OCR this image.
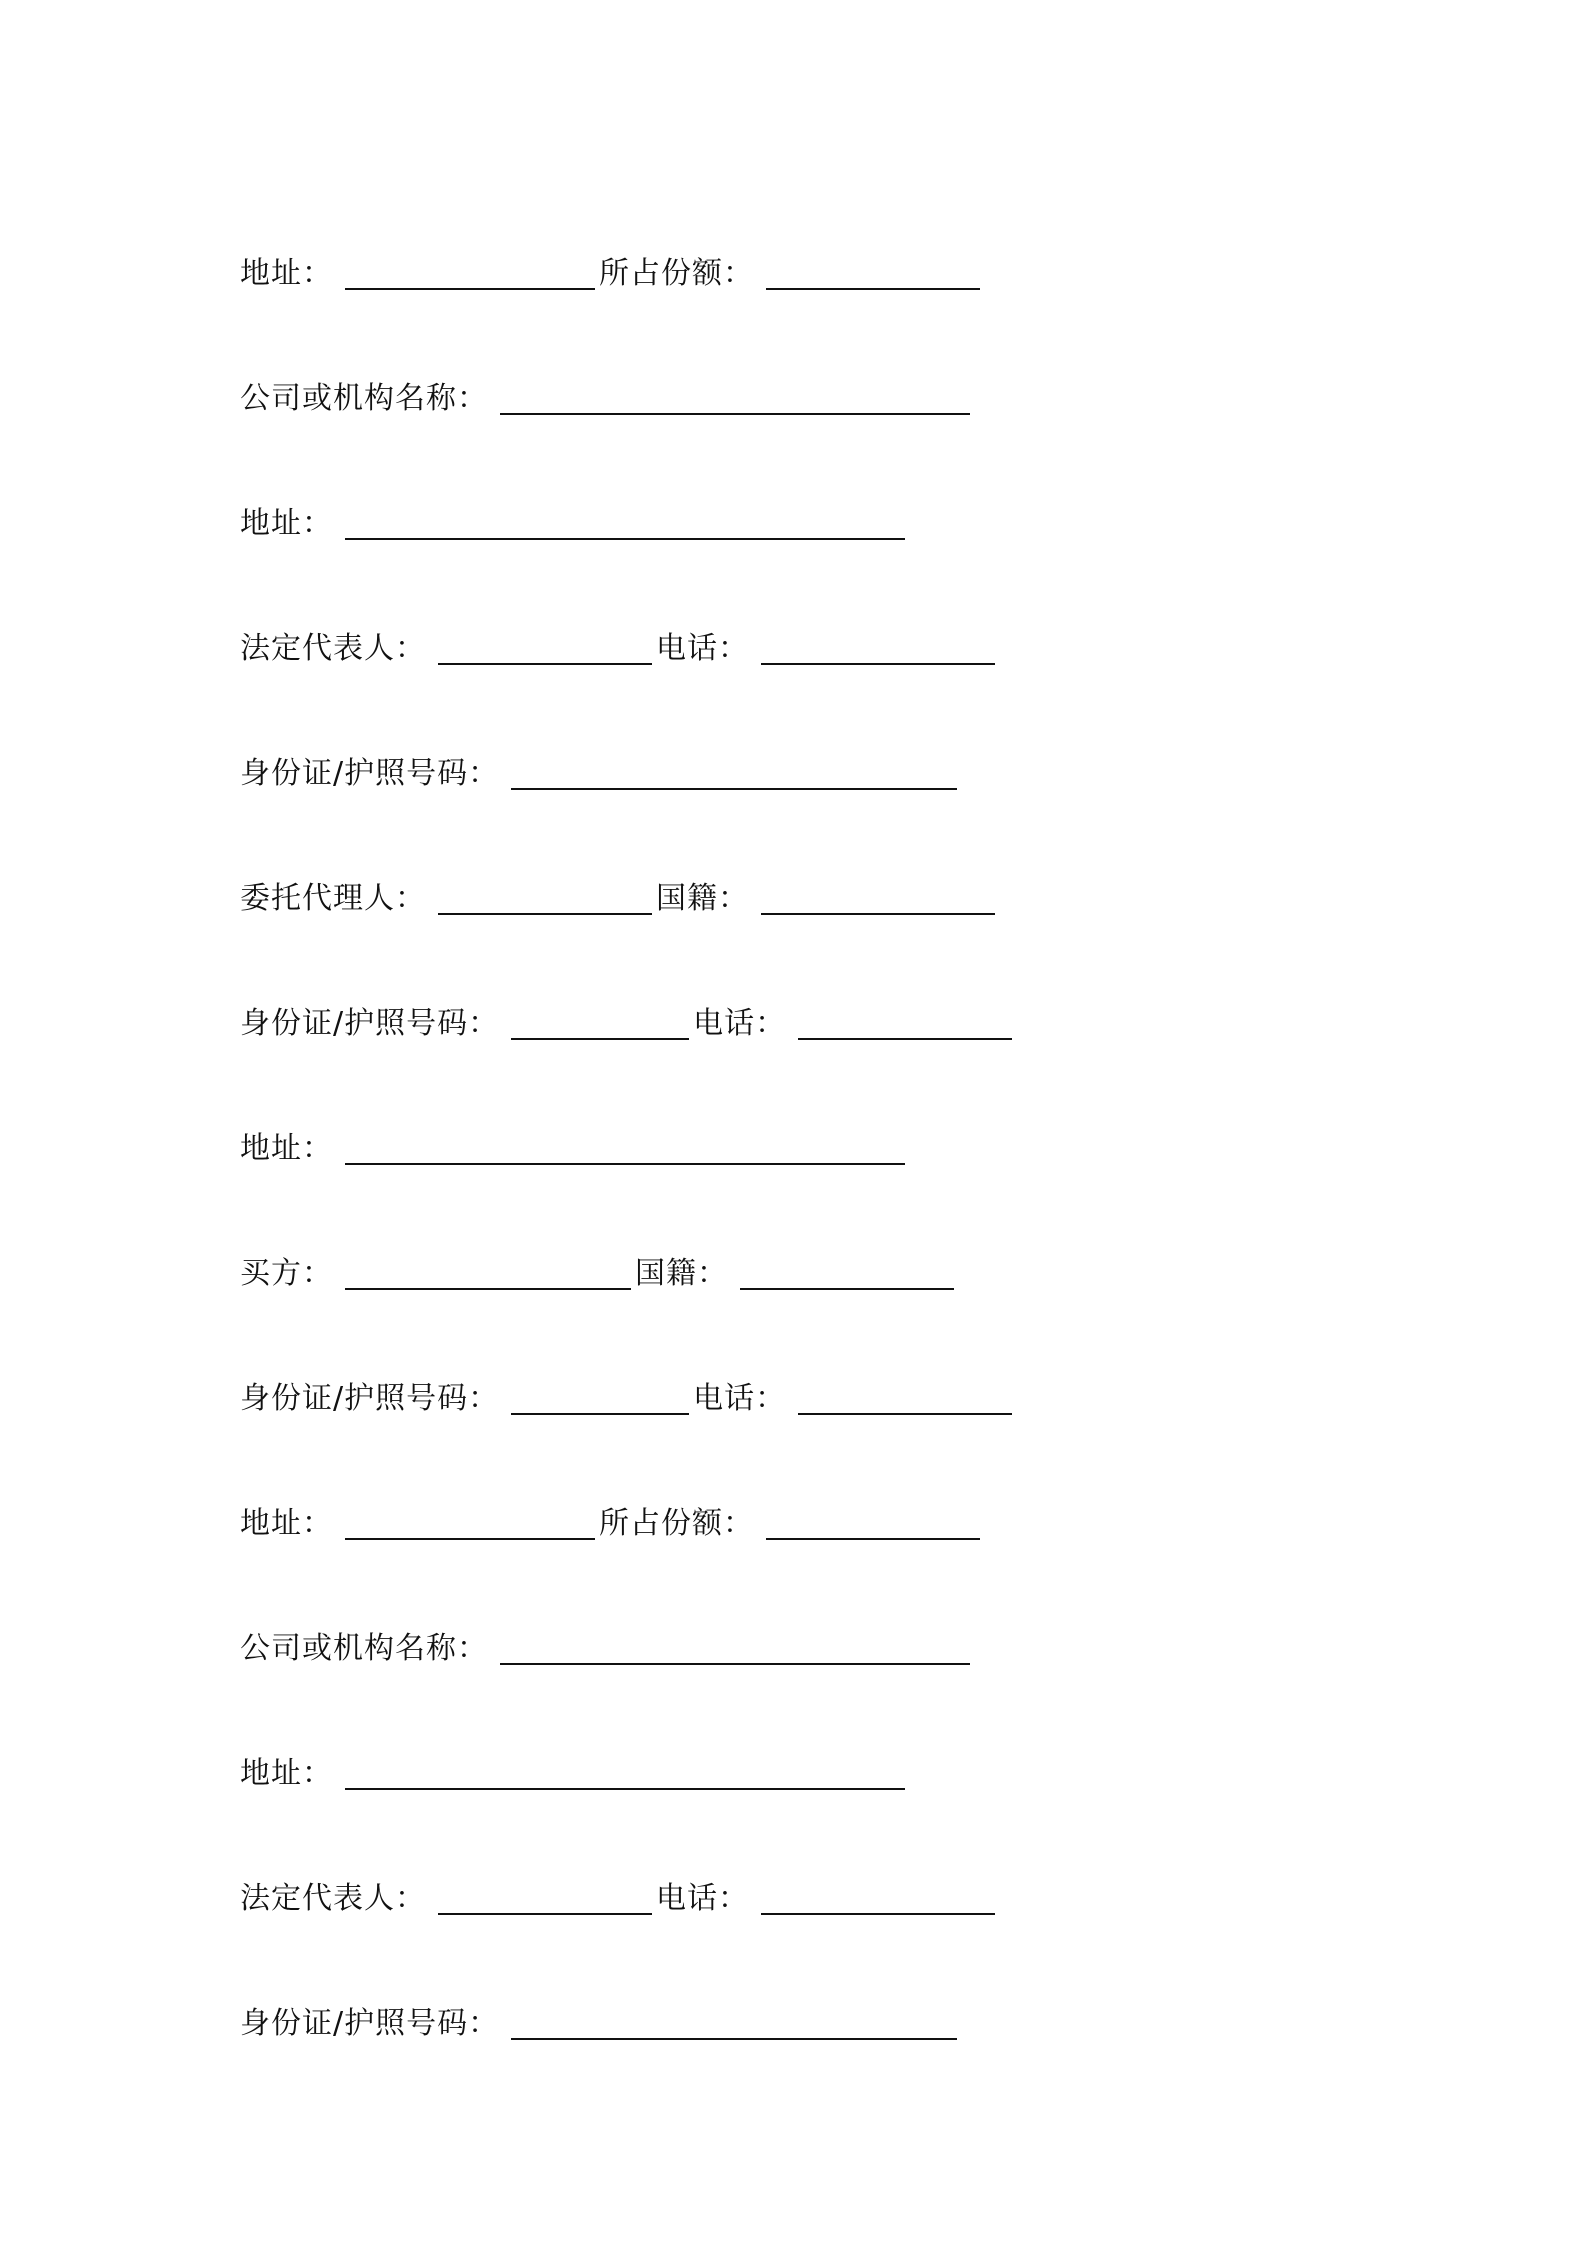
地址：	所占份额：
公司或机构名称：
地址：
法定代表人：	电话：
身份证/护照号码：
委托代理人：	国籍：
身份证/护照号码：	电话：
地址：
买方：	国籍：
身份证/护照号码：	电话：
地址：	所占份额：
公司或机构名称：
地址：
法定代表人：	电话：
身份证/护照号码：
